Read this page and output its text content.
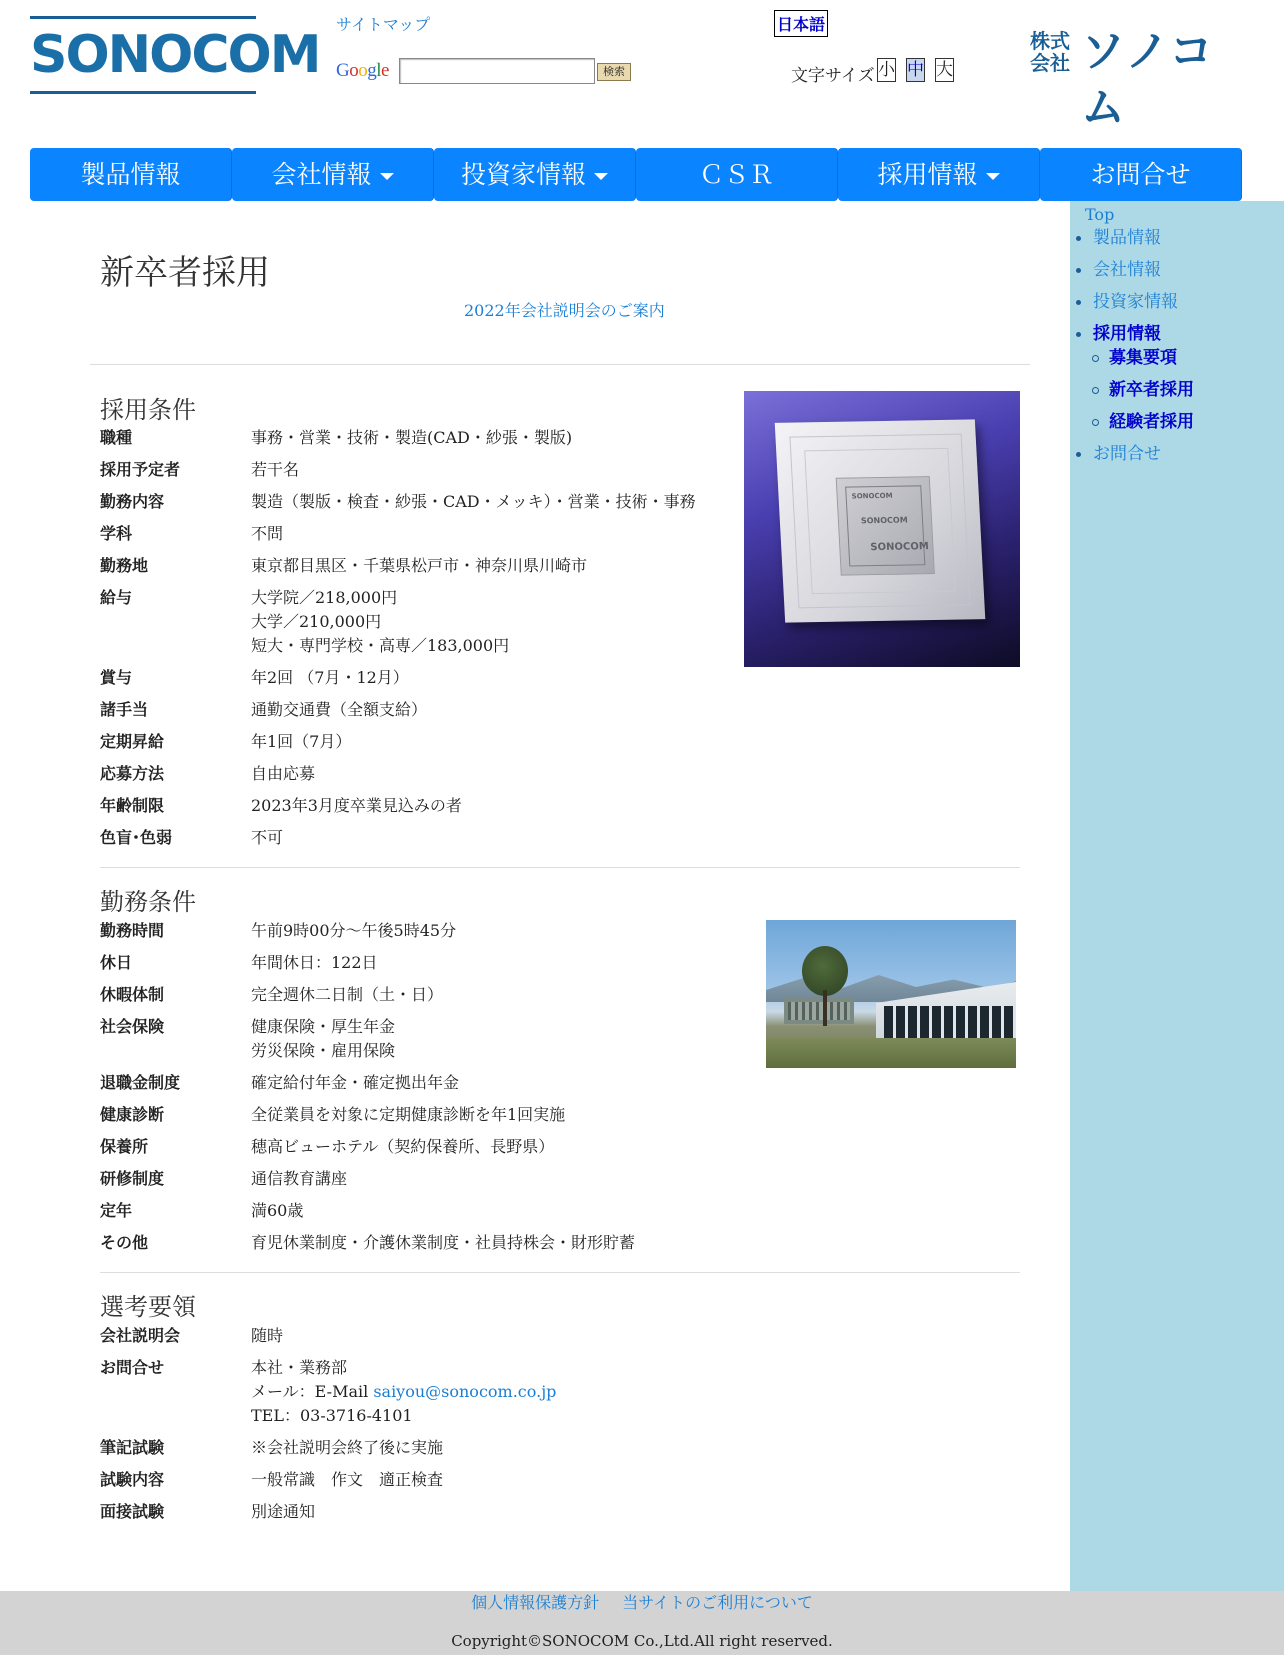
SONOCOM
サイトマップ
Google	検索
日本語
文字サイズ 小 中 大
株式会社 ソノコム
製品情報	会社情報	投資家情報	ＣＳＲ	採用情報	お問合せ
Top
製品情報
会社情報
投資家情報
採用情報
募集要項
新卒者採用
経験者採用
お問合せ
新卒者採用
2022年会社説明会のご案内
採用条件
職種	事務・営業・技術・製造(CAD・紗張・製版)
採用予定者	若干名
勤務内容	製造（製版・検査・紗張・CAD・メッキ）・営業・技術・事務
学科	不問
勤務地	東京都目黒区・千葉県松戸市・神奈川県川崎市
給与	大学院／218,000円
大学／210,000円
短大・専門学校・高専／183,000円
賞与	年2回 （7月・12月）
諸手当	通勤交通費（全額支給）
定期昇給	年1回（7月）
応募方法	自由応募
年齢制限	2023年3月度卒業見込みの者
色盲･色弱	不可
SONOCOM
SONOCOM
SONOCOM
勤務条件
勤務時間	午前9時00分～午後5時45分
休日	年間休日：122日
休暇体制	完全週休二日制（土・日）
社会保険	健康保険・厚生年金
労災保険・雇用保険
退職金制度	確定給付年金・確定拠出年金
健康診断	全従業員を対象に定期健康診断を年1回実施
保養所	穂高ビューホテル（契約保養所、長野県）
研修制度	通信教育講座
定年	満60歳
その他	育児休業制度・介護休業制度・社員持株会・財形貯蓄
選考要領
会社説明会	随時
お問合せ	本社・業務部
メール：E-Mail saiyou@sonocom.co.jp
TEL：03-3716-4101
筆記試験	※会社説明会終了後に実施
試験内容	一般常識　作文　適正検査
面接試験	別途通知
個人情報保護方針 当サイトのご利用について
Copyright©SONOCOM Co.,Ltd.All right reserved.
